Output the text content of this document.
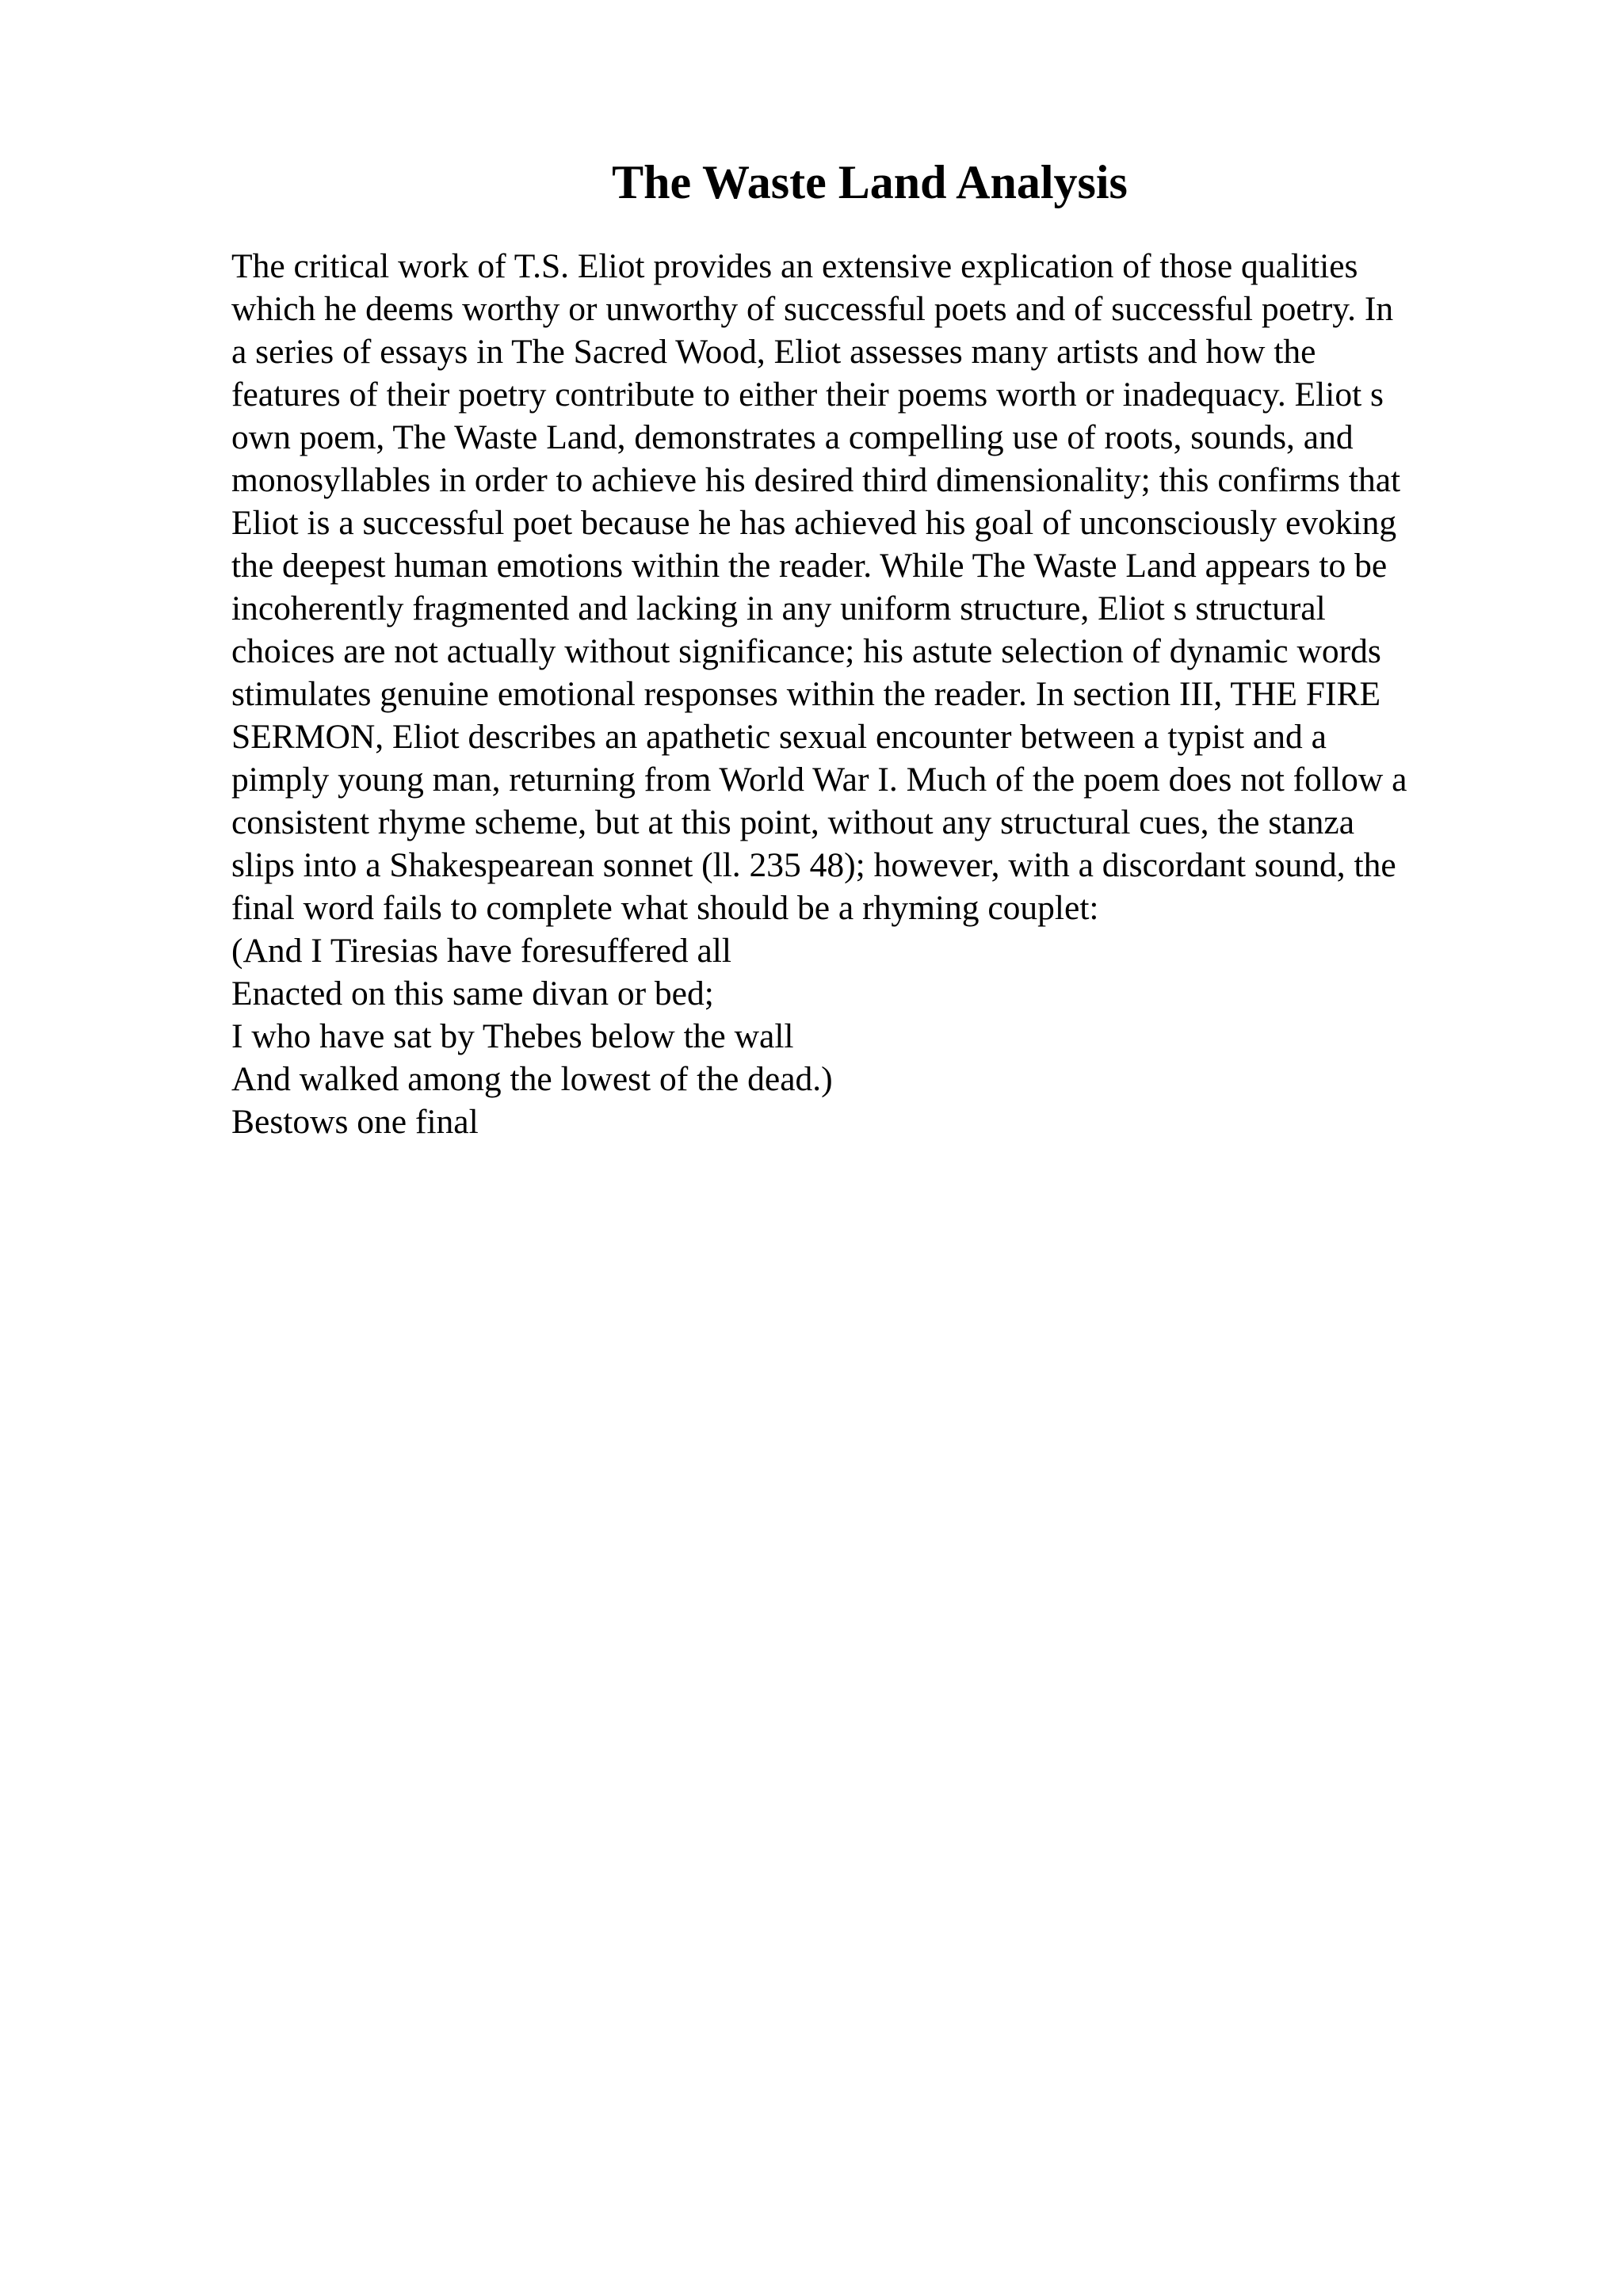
The Waste Land Analysis
The critical work of T.S. Eliot provides an extensive explication of those qualities
which he deems worthy or unworthy of successful poets and of successful poetry. In
a series of essays in The Sacred Wood, Eliot assesses many artists and how the
features of their poetry contribute to either their poems worth or inadequacy. Eliot s
own poem, The Waste Land, demonstrates a compelling use of roots, sounds, and
monosyllables in order to achieve his desired third dimensionality; this confirms that
Eliot is a successful poet because he has achieved his goal of unconsciously evoking
the deepest human emotions within the reader. While The Waste Land appears to be
incoherently fragmented and lacking in any uniform structure, Eliot s structural
choices are not actually without significance; his astute selection of dynamic words
stimulates genuine emotional responses within the reader. In section III, THE FIRE
SERMON, Eliot describes an apathetic sexual encounter between a typist and a
pimply young man, returning from World War I. Much of the poem does not follow a
consistent rhyme scheme, but at this point, without any structural cues, the stanza
slips into a Shakespearean sonnet (ll. 235 48); however, with a discordant sound, the
final word fails to complete what should be a rhyming couplet:
(And I Tiresias have foresuffered all
Enacted on this same divan or bed;
I who have sat by Thebes below the wall
And walked among the lowest of the dead.)
Bestows one final
